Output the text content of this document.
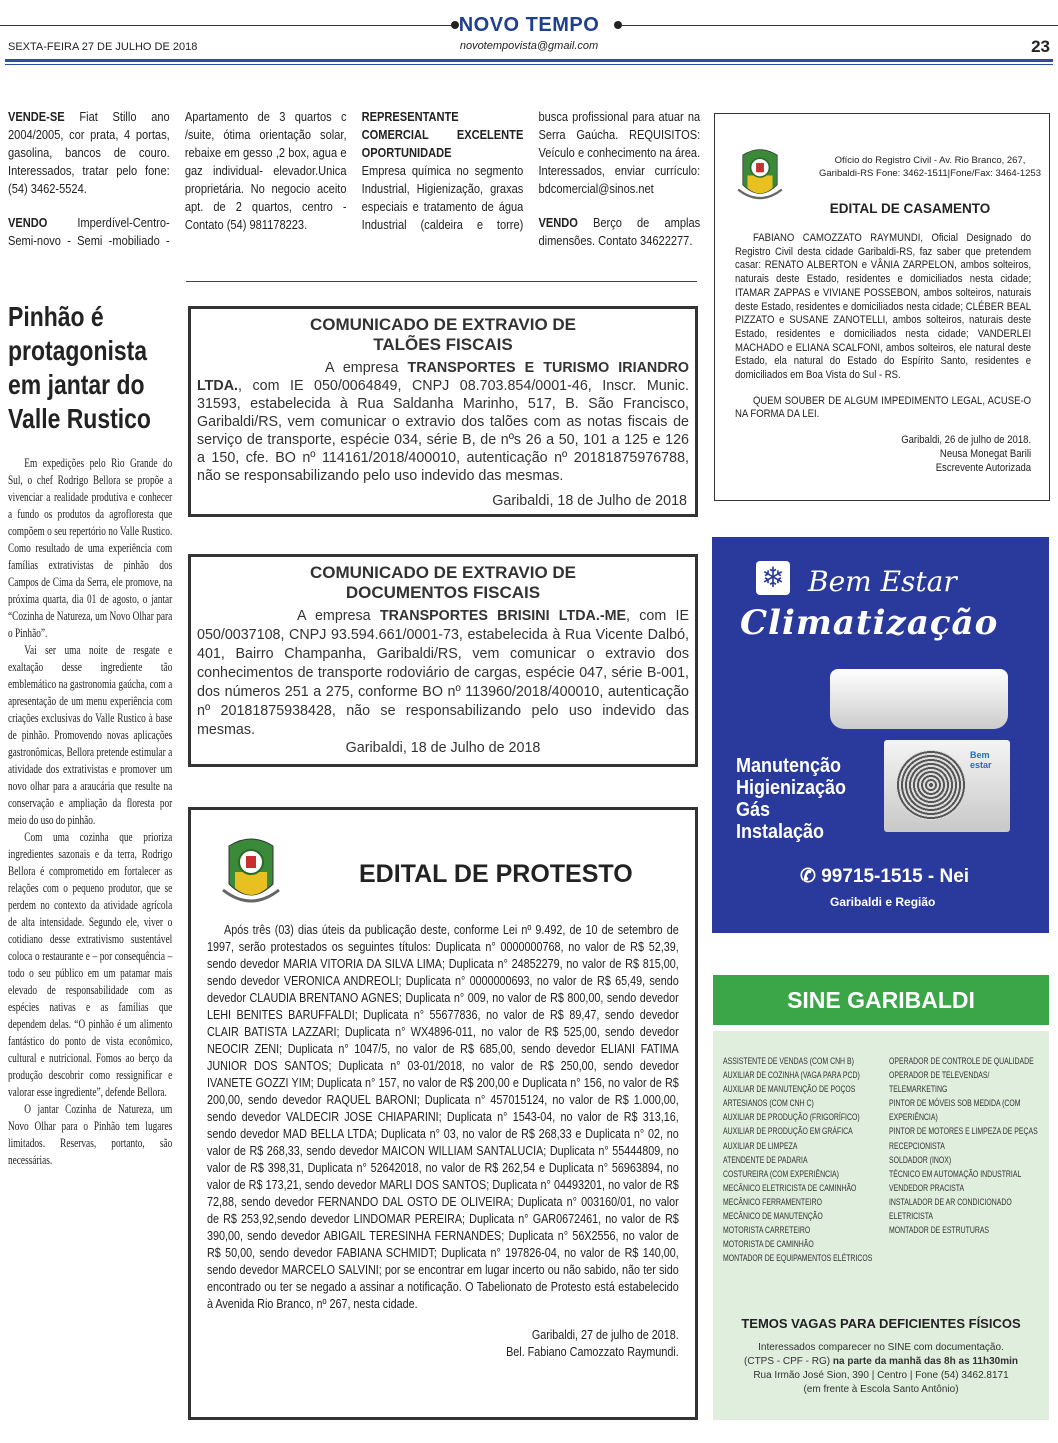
NOVO TEMPO
novotempovista@gmail.com
SEXTA-FEIRA 27 DE JULHO DE 2018	23

VENDE-SE Fiat Stillo ano 2004/2005, cor prata, 4 portas, gasolina, bancos de couro. Interessados, tratar pelo fone: (54) 3462-5524.

VENDO Imperdível-Centro-Semi-novo - Semi -mobiliado -Apartamento de 3 quartos c /suite, ótima orientação solar, rebaixe em gesso ,2 box, agua e gaz individual- elevador.Unica proprietária. No negocio aceito apt. de 2 quartos, centro - Contato (54) 981178223.

REPRESENTANTE COMERCIAL EXCELENTE OPORTUNIDADE
Empresa química no segmento Industrial, Higienização, graxas especiais e tratamento de água Industrial (caldeira e torre) busca profissional para atuar na Serra Gaúcha. REQUISITOS: Veículo e conhecimento na área. Interessados, enviar currículo: bdcomercial@sinos.net

VENDO Berço de amplas dimensões. Contato 34622277.

Pinhão é protagonista em jantar do Valle Rustico

Em expedições pelo Rio Grande do Sul, o chef Rodrigo Bellora se propõe a vivenciar a realidade produtiva e conhecer a fundo os produtos da agrofloresta que compõem o seu repertório no Valle Rustico. Como resultado de uma experiência com famílias extrativistas de pinhão dos Campos de Cima da Serra, ele promove, na próxima quarta, dia 01 de agosto, o jantar “Cozinha de Natureza, um Novo Olhar para o Pinhão”.

Vai ser uma noite de resgate e exaltação desse ingrediente tão emblemático na gastronomia gaúcha, com a apresentação de um menu experiência com criações exclusivas do Valle Rustico à base de pinhão. Promovendo novas aplicações gastronômicas, Bellora pretende estimular a atividade dos extrativistas e promover um novo olhar para a araucária que resulte na conservação e ampliação da floresta por meio do uso do pinhão.

Com uma cozinha que prioriza ingredientes sazonais e da terra, Rodrigo Bellora é comprometido em fortalecer as relações com o pequeno produtor, que se perdem no contexto da atividade agrícola de alta intensidade. Segundo ele, viver o cotidiano desse extrativismo sustentável coloca o restaurante e – por consequência – todo o seu público em um patamar mais elevado de responsabilidade com as espécies nativas e as famílias que dependem delas. “O pinhão é um alimento fantástico do ponto de vista econômico, cultural e nutricional. Fomos ao berço da produção descobrir como ressignificar e valorar esse ingrediente”, defende Bellora.

O jantar Cozinha de Natureza, um Novo Olhar para o Pinhão tem lugares limitados. Reservas, portanto, são necessárias.

COMUNICADO DE EXTRAVIO DE TALÕES FISCAIS
A empresa TRANSPORTES E TURISMO IRIANDRO LTDA., com IE 050/0064849, CNPJ 08.703.854/0001-46, Inscr. Munic. 31593, estabelecida à Rua Saldanha Marinho, 517, B. São Francisco, Garibaldi/RS, vem comunicar o extravio dos talões com as notas fiscais de serviço de transporte, espécie 034, série B, de nºs 26 a 50, 101 a 125 e 126 a 150, cfe. BO nº 114161/2018/400010, autenticação nº 20181875976788, não se responsabilizando pelo uso indevido das mesmas.
Garibaldi, 18 de Julho de 2018
COMUNICADO DE EXTRAVIO DE DOCUMENTOS FISCAIS
A empresa TRANSPORTES BRISINI LTDA.-ME, com IE 050/0037108, CNPJ 93.594.661/0001-73, estabelecida à Rua Vicente Dalbó, 401, Bairro Champanha, Garibaldi/RS, vem comunicar o extravio dos conhecimentos de transporte rodoviário de cargas, espécie 047, série B-001, dos números 251 a 275, conforme BO nº 113960/2018/400010, autenticação nº 20181875938428, não se responsabilizando pelo uso indevido das mesmas.
Garibaldi, 18 de Julho de 2018
EDITAL DE PROTESTO
Após três (03) dias úteis da publicação deste, conforme Lei nº 9.492, de 10 de setembro de 1997, serão protestados os seguintes títulos: Duplicata n° 0000000768, no valor de R$ 52,39, sendo devedor MARIA VITORIA DA SILVA LIMA; Duplicata n° 24852279, no valor de R$ 815,00, sendo devedor VERONICA ANDREOLI; Duplicata n° 0000000693, no valor de R$ 65,49, sendo devedor CLAUDIA BRENTANO AGNES; Duplicata n° 009, no valor de R$ 800,00, sendo devedor LEHI BENITES BARUFFALDI; Duplicata n° 55677836, no valor de R$ 89,47, sendo devedor CLAIR BATISTA LAZZARI; Duplicata n° WX4896-011, no valor de R$ 525,00, sendo devedor NEOCIR ZENI; Duplicata n° 1047/5, no valor de R$ 685,00, sendo devedor ELIANI FATIMA JUNIOR DOS SANTOS; Duplicata n° 03-01/2018, no valor de R$ 250,00, sendo devedor IVANETE GOZZI YIM; Duplicata n° 157, no valor de R$ 200,00 e Duplicata n° 156, no valor de R$ 200,00, sendo devedor RAQUEL BARONI; Duplicata n° 457015124, no valor de R$ 1.000,00, sendo devedor VALDECIR JOSE CHIAPARINI; Duplicata n° 1543-04, no valor de R$ 313,16, sendo devedor MAD BELLA LTDA; Duplicata n° 03, no valor de R$ 268,33 e Duplicata n° 02, no valor de R$ 268,33, sendo devedor MAICON WILLIAM SANTALUCIA; Duplicata n° 55444809, no valor de R$ 398,31, Duplicata n° 52642018, no valor de R$ 262,54 e Duplicata n° 56963894, no valor de R$ 173,21, sendo devedor MARLI DOS SANTOS; Duplicata n° 04493201, no valor de R$ 72,88, sendo devedor FERNANDO DAL OSTO DE OLIVEIRA; Duplicata n° 003160/01, no valor de R$ 253,92,sendo devedor LINDOMAR PEREIRA; Duplicata n° GAR0672461, no valor de R$ 390,00, sendo devedor ABIGAIL TERESINHA FERNANDES; Duplicata n° 56X2556, no valor de R$ 50,00, sendo devedor FABIANA SCHMIDT; Duplicata n° 197826-04, no valor de R$ 140,00, sendo devedor MARCELO SALVINI; por se encontrar em lugar incerto ou não sabido, não ter sido encontrado ou ter se negado a assinar a notificação. O Tabelionato de Protesto está estabelecido à Avenida Rio Branco, nº 267, nesta cidade.
Garibaldi, 27 de julho de 2018.
Bel. Fabiano Camozzato Raymundi.
Ofício do Registro Civil - Av. Rio Branco, 267,
Garibaldi-RS Fone: 3462-1511|Fone/Fax: 3464-1253
EDITAL DE CASAMENTO
FABIANO CAMOZZATO RAYMUNDI, Oficial Designado do Registro Civil desta cidade Garibaldi-RS, faz saber que pretendem casar: RENATO ALBERTON e VÂNIA ZARPELON, ambos solteiros, naturais deste Estado, residentes e domiciliados nesta cidade; ITAMAR ZAPPAS e VIVIANE POSSEBON, ambos solteiros, naturais deste Estado, residentes e domiciliados nesta cidade; CLÉBER BEAL PIZZATO e SUSANE ZANOTELLI, ambos solteiros, naturais deste Estado, residentes e domiciliados nesta cidade; VANDERLEI MACHADO e ELIANA SCALFONI, ambos solteiros, ele natural deste Estado, ela natural do Estado do Espírito Santo, residentes e domiciliados em Boa Vista do Sul - RS.
QUEM SOUBER DE ALGUM IMPEDIMENTO LEGAL, ACUSE-O NA FORMA DA LEI.
Garibaldi, 26 de julho de 2018.
Neusa Monegat Barili
Escrevente Autorizada
❄ Bem Estar
Climatização
Bem estar
Manutenção
Higienização
Gás
Instalação
✆ 99715-1515 - Nei
Garibaldi e Região
SINE GARIBALDI
ASSISTENTE DE VENDAS (COM CNH B)
AUXILIAR DE COZINHA (VAGA PARA PCD)
AUXILIAR DE MANUTENÇÃO DE POÇOS ARTESIANOS (COM CNH C)
AUXILIAR DE PRODUÇÃO (FRIGORÍFICO)
AUXILIAR DE PRODUÇÃO EM GRÁFICA
AUXILIAR DE LIMPEZA
ATENDENTE DE PADARIA
COSTUREIRA (COM EXPERIÊNCIA)
MECÂNICO ELETRICISTA DE CAMINHÃO
MECÂNICO FERRAMENTEIRO
MECÂNICO DE MANUTENÇÃO
MOTORISTA CARRETEIRO
MOTORISTA DE CAMINHÃO
MONTADOR DE EQUIPAMENTOS ELÉTRICOS
OPERADOR DE CONTROLE DE QUALIDADE
OPERADOR DE TELEVENDAS/ TELEMARKETING
PINTOR DE MÓVEIS SOB MEDIDA (COM EXPERIÊNCIA)
PINTOR DE MOTORES E LIMPEZA DE PEÇAS
RECEPCIONISTA
SOLDADOR (INOX)
TÉCNICO EM AUTOMAÇÃO INDUSTRIAL
VENDEDOR PRACISTA
INSTALADOR DE AR CONDICIONADO
ELETRICISTA
MONTADOR DE ESTRUTURAS
TEMOS VAGAS PARA DEFICIENTES FÍSICOS
Interessados comparecer no SINE com documentação.
(CTPS - CPF - RG) na parte da manhã das 8h as 11h30min
Rua Irmão José Sion, 390 | Centro | Fone (54) 3462.8171
(em frente à Escola Santo Antônio)
